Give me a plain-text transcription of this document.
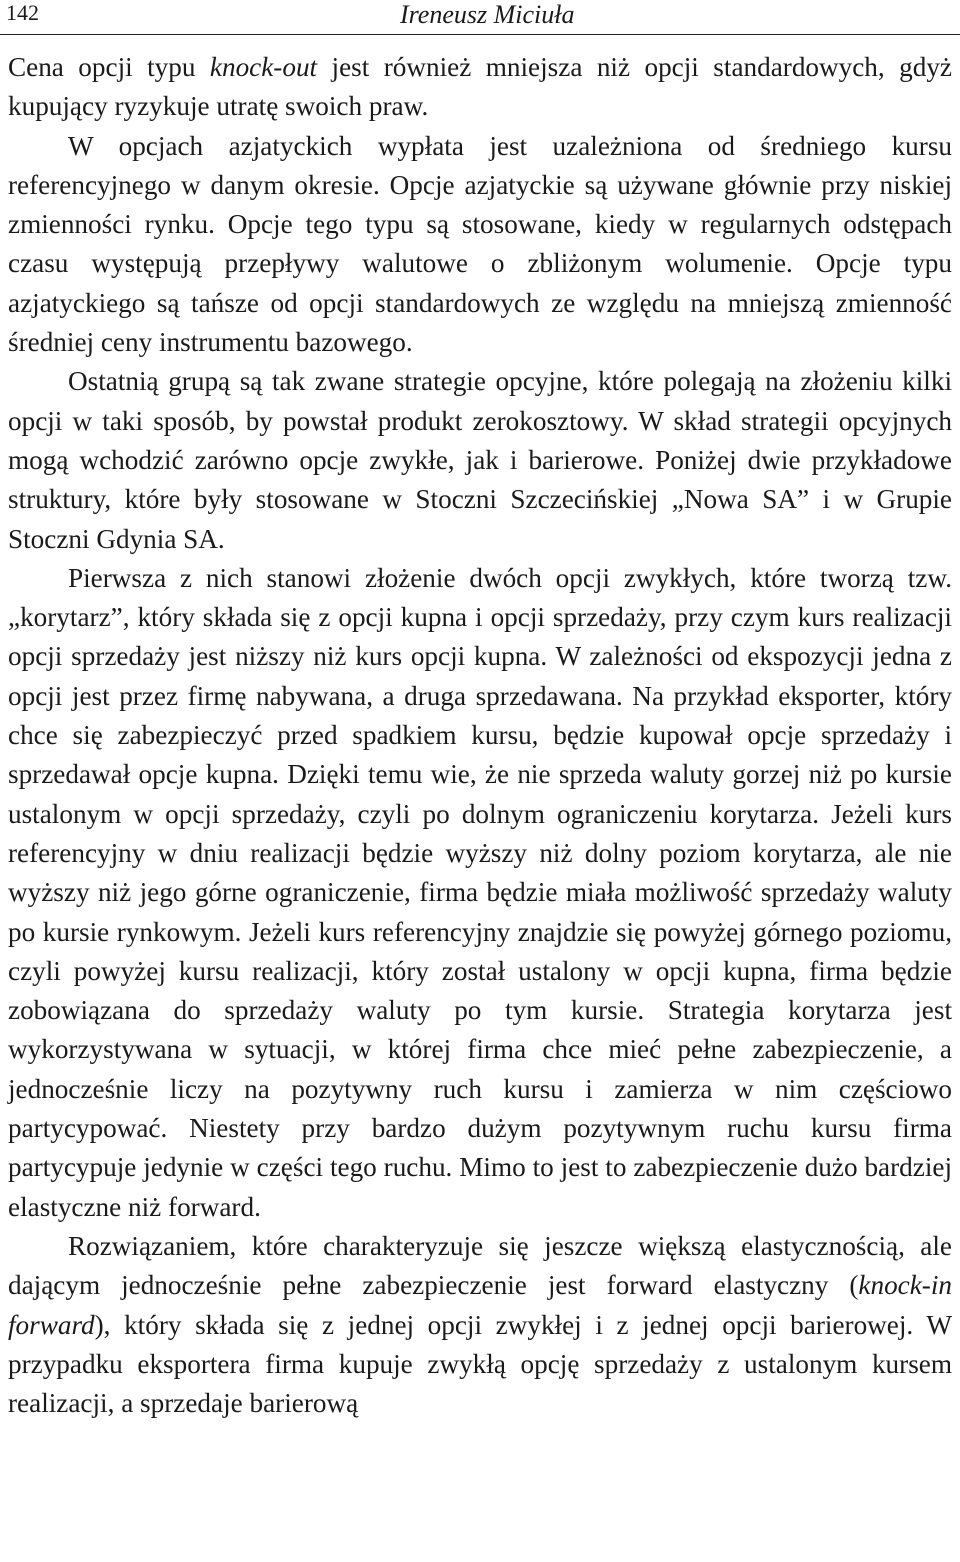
142	Ireneusz Miciuła

Cena opcji typu knock-out jest również mniejsza niż opcji standardowych, gdyż kupujący ryzykuje utratę swoich praw.

W opcjach azjatyckich wypłata jest uzależniona od średniego kursu referencyjnego w danym okresie. Opcje azjatyckie są używane głównie przy niskiej zmienności rynku. Opcje tego typu są stosowane, kiedy w regularnych odstępach czasu występują przepływy walutowe o zbliżonym wolumenie. Opcje typu azjatyckiego są tańsze od opcji standardowych ze względu na mniejszą zmienność średniej ceny instrumentu bazowego.

Ostatnią grupą są tak zwane strategie opcyjne, które polegają na złożeniu kilki opcji w taki sposób, by powstał produkt zerokosztowy. W skład strategii opcyjnych mogą wchodzić zarówno opcje zwykłe, jak i barierowe. Poniżej dwie przykładowe struktury, które były stosowane w Stoczni Szczecińskiej „Nowa SA” i w Grupie Stoczni Gdynia SA.

Pierwsza z nich stanowi złożenie dwóch opcji zwykłych, które tworzą tzw. „korytarz”, który składa się z opcji kupna i opcji sprzedaży, przy czym kurs realizacji opcji sprzedaży jest niższy niż kurs opcji kupna. W zależności od ekspozycji jedna z opcji jest przez firmę nabywana, a druga sprzedawana. Na przykład eksporter, który chce się zabezpieczyć przed spadkiem kursu, będzie kupował opcje sprzedaży i sprzedawał opcje kupna. Dzięki temu wie, że nie sprzeda waluty gorzej niż po kursie ustalonym w opcji sprzedaży, czyli po dolnym ograniczeniu korytarza. Jeżeli kurs referencyjny w dniu realizacji będzie wyższy niż dolny poziom korytarza, ale nie wyższy niż jego górne ograniczenie, firma będzie miała możliwość sprzedaży waluty po kursie rynkowym. Jeżeli kurs referencyjny znajdzie się powyżej górnego poziomu, czyli powyżej kursu realizacji, który został ustalony w opcji kupna, firma będzie zobowiązana do sprzedaży waluty po tym kursie. Strategia korytarza jest wykorzystywana w sytuacji, w której firma chce mieć pełne zabezpieczenie, a jednocześnie liczy na pozytywny ruch kursu i zamierza w nim częściowo partycypować. Niestety przy bardzo dużym pozytywnym ruchu kursu firma partycypuje jedynie w części tego ruchu. Mimo to jest to zabezpieczenie dużo bardziej elastyczne niż forward.

Rozwiązaniem, które charakteryzuje się jeszcze większą elastycznością, ale dającym jednocześnie pełne zabezpieczenie jest forward elastyczny (knock-in forward), który składa się z jednej opcji zwykłej i z jednej opcji barierowej. W przypadku eksportera firma kupuje zwykłą opcję sprzedaży z ustalonym kursem realizacji, a sprzedaje barierową
